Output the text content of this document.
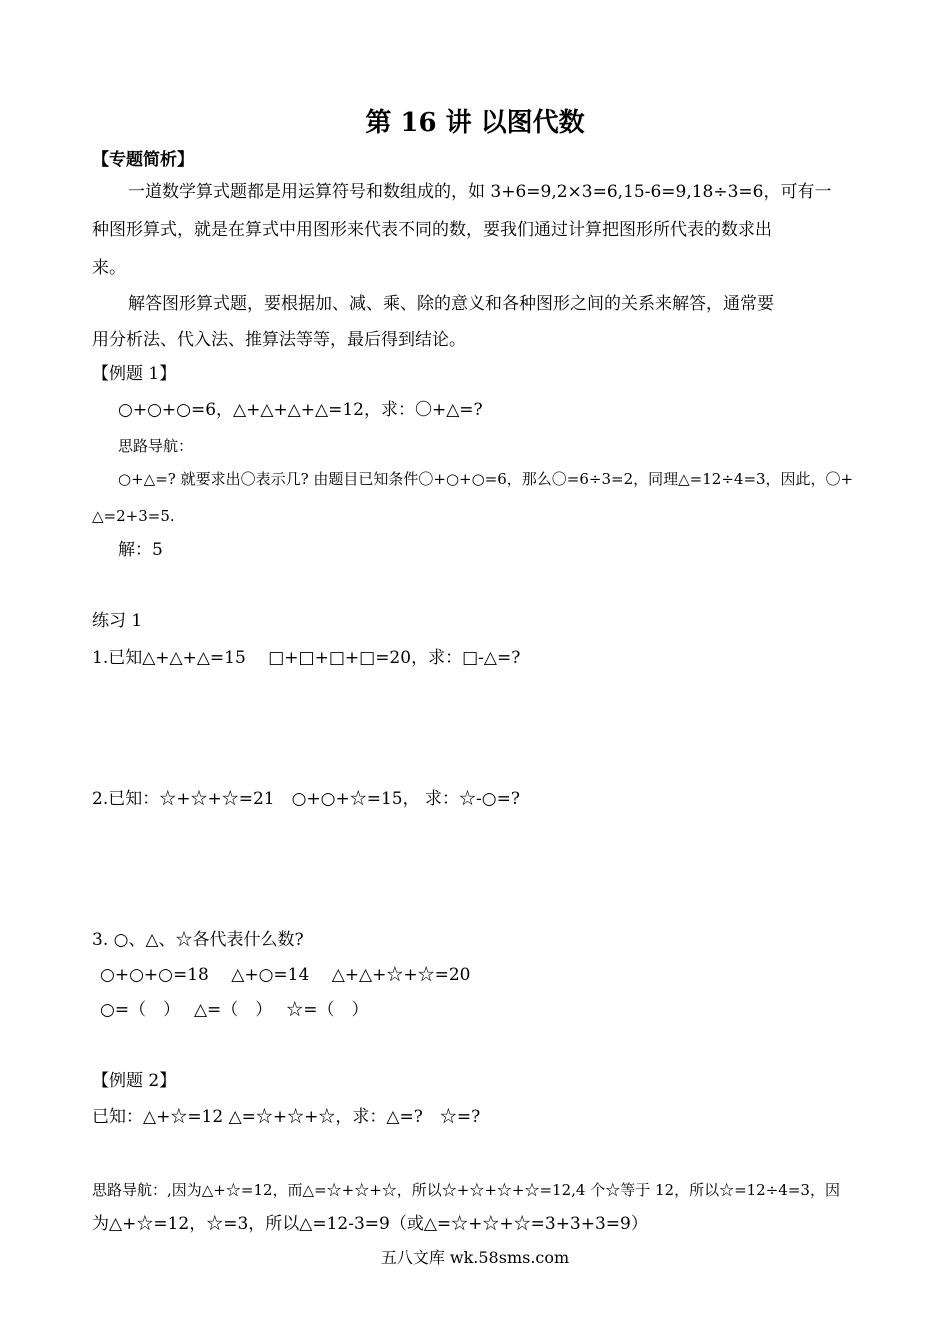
第 16 讲 以图代数
【专题简析】
一道数学算式题都是用运算符号和数组成的，如 3+6=9,2×3=6,15-6=9,18÷3=6，可有一
种图形算式，就是在算式中用图形来代表不同的数，要我们通过计算把图形所代表的数求出
来。
解答图形算式题，要根据加、减、乘、除的意义和各种图形之间的关系来解答，通常要
用分析法、代入法、推算法等等，最后得到结论。
【例题 1】
○+○+○=6，△+△+△+△=12，求：〇+△=?
思路导航：
○+△=? 就要求出〇表示几? 由题目已知条件〇+○+○=6，那么〇=6÷3=2，同理△=12÷4=3，因此，〇+
△=2+3=5.
解：5
练习 1
1.已知△+△+△=15　 □+□+□+□=20，求：□-△=?
2.已知：☆+☆+☆=21　○+○+☆=15， 求：☆-○=?
3. ○、△、☆各代表什么数?
○+○+○=18　 △+○=14　 △+△+☆+☆=20
○=（　）　 △=（　）　 ☆=（　）
【例题 2】
已知：△+☆=12 △=☆+☆+☆，求：△=?　☆=?
思路导航：,因为△+☆=12，而△=☆+☆+☆，所以☆+☆+☆+☆=12,4 个☆等于 12，所以☆=12÷4=3，因
为△+☆=12，☆=3，所以△=12-3=9（或△=☆+☆+☆=3+3+3=9）
五八文库 wk.58sms.com
